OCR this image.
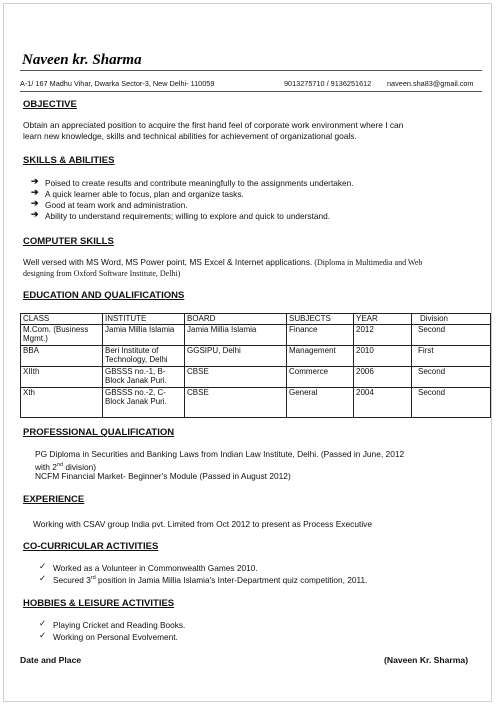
Naveen kr. Sharma
A-1/ 167 Madhu Vihar, Dwarka Sector-3, New Delhi- 110059	9013275710 / 9136251612 naveen.sha83@gmail.com
OBJECTIVE
Obtain an appreciated position to acquire the first hand feel of corporate work environment where I can
learn new knowledge, skills and technical abilities for achievement of organizational goals.
SKILLS & ABILITIES
➔ Poised to create results and contribute meaningfully to the assignments undertaken.
➔ A quick learner able to focus, plan and organize tasks.
➔ Good at team work and administration.
➔ Ability to understand requirements; willing to explore and quick to understand.
COMPUTER SKILLS
Well versed with MS Word, MS Power point, MS Excel & Internet applications. (Diploma in Multimedia and Web
designing from Oxford Software Institute, Delhi)
EDUCATION AND QUALIFICATIONS
CLASS	INSTITUTE	BOARD	SUBJECTS	YEAR	Division
M.Com. (Business Mgmt.)	Jamia Millia Islamia	Jamia Millia Islamia	Finance	2012	Second
BBA	Beri Institute of Technology, Delhi	GGSIPU, Delhi	Management	2010	First
XIIth	GBSSS no.-1, B-Block Janak Puri.	CBSE	Commerce	2006	Second
Xth	GBSSS no.-2, C-Block Janak Puri.	CBSE	General	2004	Second
PROFESSIONAL QUALIFICATION
PG Diploma in Securities and Banking Laws from Indian Law Institute, Delhi. (Passed in June, 2012
with 2nd division)
NCFM Financial Market- Beginner's Module (Passed in August 2012)
EXPERIENCE
Working with CSAV group India pvt. Limited from Oct 2012 to present as Process Executive
CO-CURRICULAR ACTIVITIES
✓ Worked as a Volunteer in Commonwealth Games 2010.
✓ Secured 3rd position in Jamia Millia Islamia's Inter-Department quiz competition, 2011.
HOBBIES & LEISURE ACTIVITIES
✓ Playing Cricket and Reading Books.
✓ Working on Personal Evolvement.
Date and Place	(Naveen Kr. Sharma)
